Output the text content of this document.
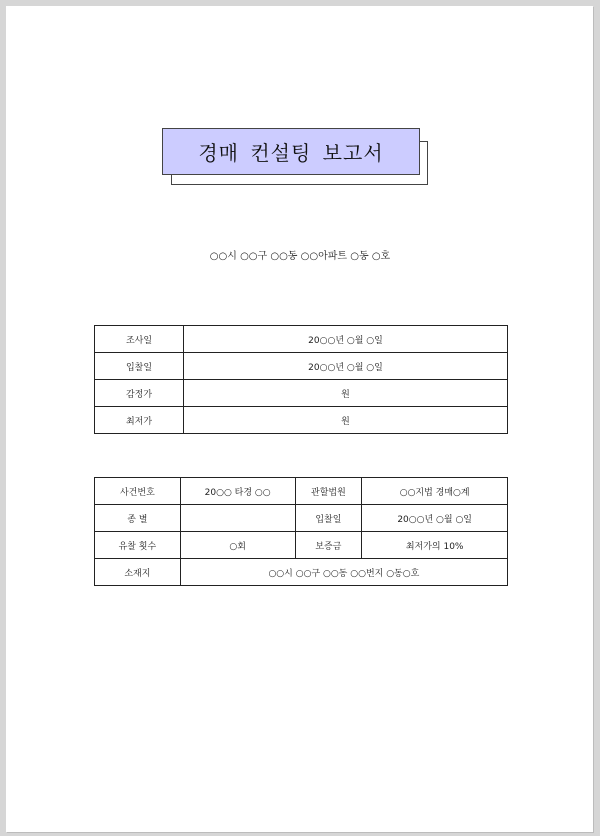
경매 컨설팅 보고서
○○시 ○○구 ○○동 ○○아파트 ○동 ○호
조사일	20○○년 ○월 ○일
입찰일	20○○년 ○월 ○일
감정가	원
최저가	원
사건번호	20○○ 타경 ○○	관할법원	○○지법 경매○계
종 별		입찰일	20○○년 ○월 ○일
유찰 횟수	○회	보증금	최저가의 10%
소재지	○○시 ○○구 ○○동 ○○번지 ○동○호		
